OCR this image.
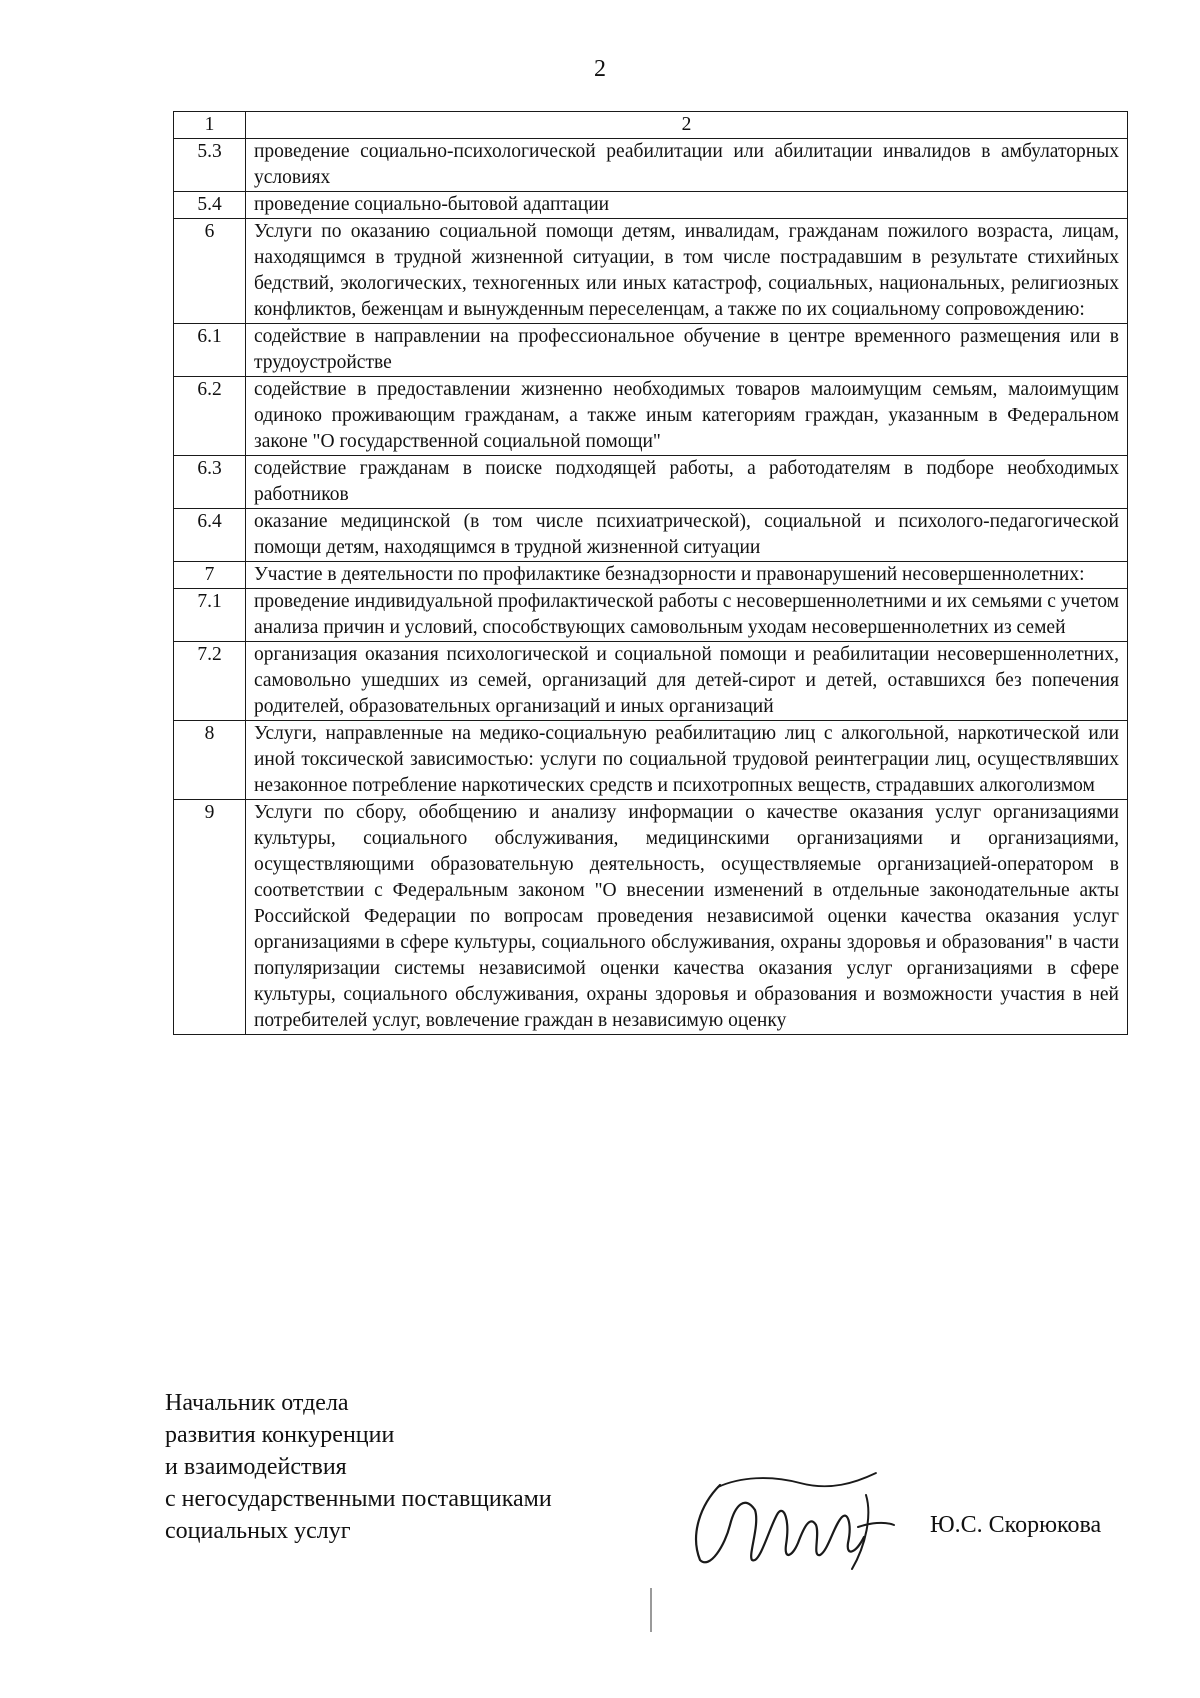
2
1	2
5.3	проведение социально-психологической реабилитации или абилитации инвалидов в амбулаторных условиях
5.4	проведение социально-бытовой адаптации
6	Услуги по оказанию социальной помощи детям, инвалидам, гражданам пожилого возраста, лицам, находящимся в трудной жизненной ситуации, в том числе пострадавшим в результате стихийных бедствий, экологических, техногенных или иных катастроф, социальных, национальных, религиозных конфликтов, беженцам и вынужденным переселенцам, а также по их социальному сопровождению:
6.1	содействие в направлении на профессиональное обучение в центре временного размещения или в трудоустройстве
6.2	содействие в предоставлении жизненно необходимых товаров малоимущим семьям, малоимущим одиноко проживающим гражданам, а также иным категориям граждан, указанным в Федеральном законе "О государственной социальной помощи"
6.3	содействие гражданам в поиске подходящей работы, а работодателям в подборе необходимых работников
6.4	оказание медицинской (в том числе психиатрической), социальной и психолого-педагогической помощи детям, находящимся в трудной жизненной ситуации
7	Участие в деятельности по профилактике безнадзорности и правонарушений несовершеннолетних:
7.1	проведение индивидуальной профилактической работы с несовершеннолетними и их семьями с учетом анализа причин и условий, способствующих самовольным уходам несовершеннолетних из семей
7.2	организация оказания психологической и социальной помощи и реабилитации несовершеннолетних, самовольно ушедших из семей, организаций для детей-сирот и детей, оставшихся без попечения родителей, образовательных организаций и иных организаций
8	Услуги, направленные на медико-социальную реабилитацию лиц с алкогольной, наркотической или иной токсической зависимостью: услуги по социальной трудовой реинтеграции лиц, осуществлявших незаконное потребление наркотических средств и психотропных веществ, страдавших алкоголизмом
9	Услуги по сбору, обобщению и анализу информации о качестве оказания услуг организациями культуры, социального обслуживания, медицинскими организациями и организациями, осуществляющими образовательную деятельность, осуществляемые организацией-оператором в соответствии с Федеральным законом "О внесении изменений в отдельные законодательные акты Российской Федерации по вопросам проведения независимой оценки качества оказания услуг организациями в сфере культуры, социального обслуживания, охраны здоровья и образования" в части популяризации системы независимой оценки качества оказания услуг организациями в сфере культуры, социального обслуживания, охраны здоровья и образования и возможности участия в ней потребителей услуг, вовлечение граждан в независимую оценку
Начальник отдела
развития конкуренции
и взаимодействия
с негосударственными поставщиками
социальных услуг	Ю.С. Скорюкова
